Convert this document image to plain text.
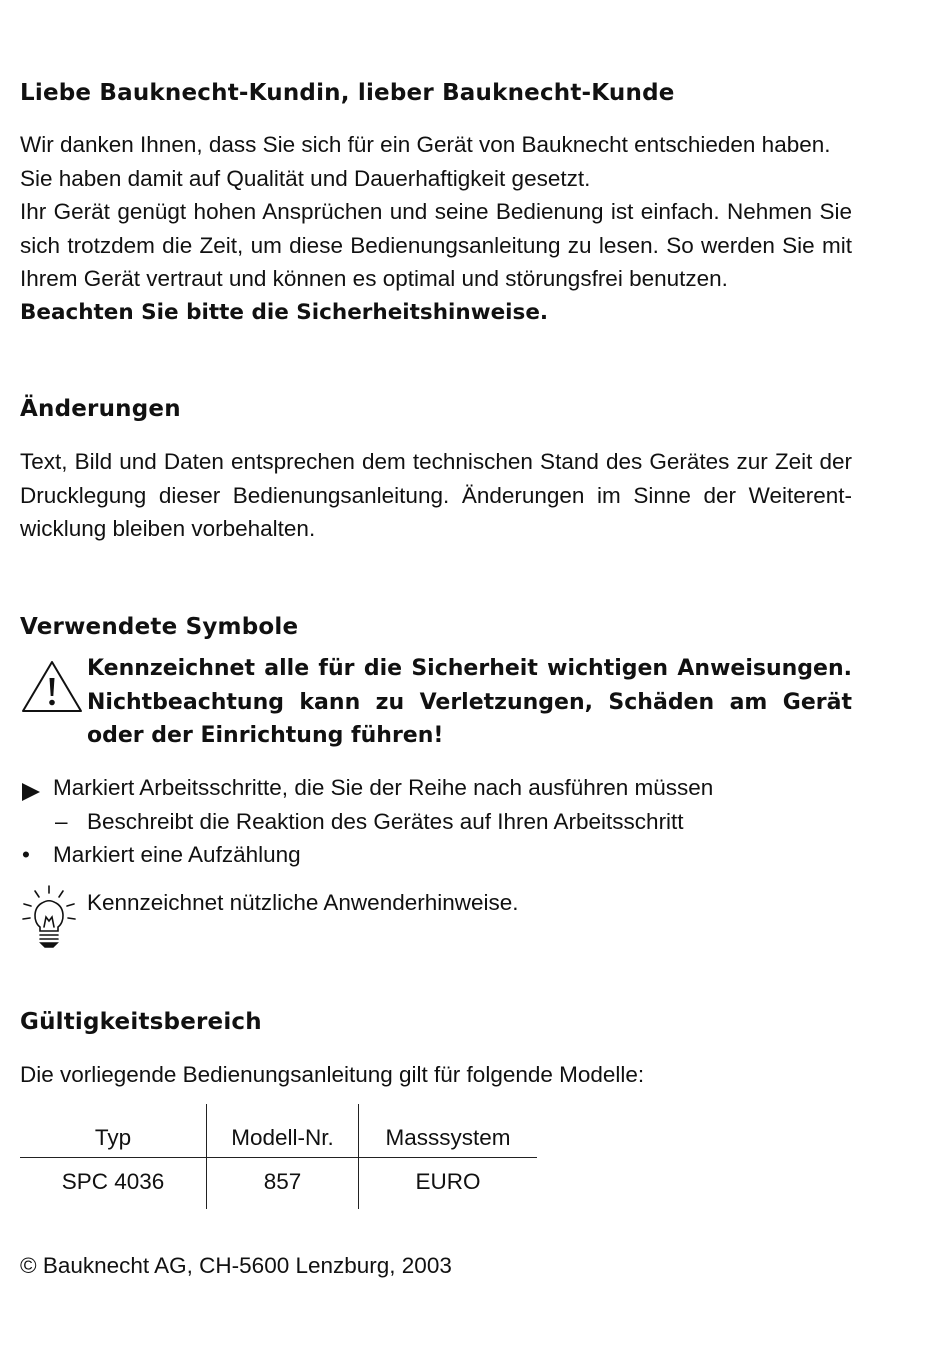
Liebe Bauknecht-Kundin, lieber Bauknecht-Kunde
Wir danken Ihnen, dass Sie sich für ein Gerät von Bauknecht entschieden haben.
Sie haben damit auf Qualität und Dauerhaftigkeit gesetzt.
Ihr Gerät genügt hohen Ansprüchen und seine Bedienung ist einfach. Nehmen Sie
sich trotzdem die Zeit, um diese Bedienungsanleitung zu lesen. So werden Sie mit
Ihrem Gerät vertraut und können es optimal und störungsfrei benutzen.
Beachten Sie bitte die Sicherheitshinweise.
Änderungen
Text, Bild und Daten entsprechen dem technischen Stand des Gerätes zur Zeit der
Drucklegung dieser Bedienungsanleitung. Änderungen im Sinne der Weiterent-
wicklung bleiben vorbehalten.
Verwendete Symbole
Kennzeichnet alle für die Sicherheit wichtigen Anweisungen.
Nichtbeachtung kann zu Verletzungen, Schäden am Gerät
oder der Einrichtung führen!
Markiert Arbeitsschritte, die Sie der Reihe nach ausführen müssen
– Beschreibt die Reaktion des Gerätes auf Ihren Arbeitsschritt
• Markiert eine Aufzählung
Kennzeichnet nützliche Anwenderhinweise.
Gültigkeitsbereich
Die vorliegende Bedienungsanleitung gilt für folgende Modelle:
Typ	Modell-Nr.	Masssystem
SPC 4036	857	EURO
© Bauknecht AG, CH-5600 Lenzburg, 2003
